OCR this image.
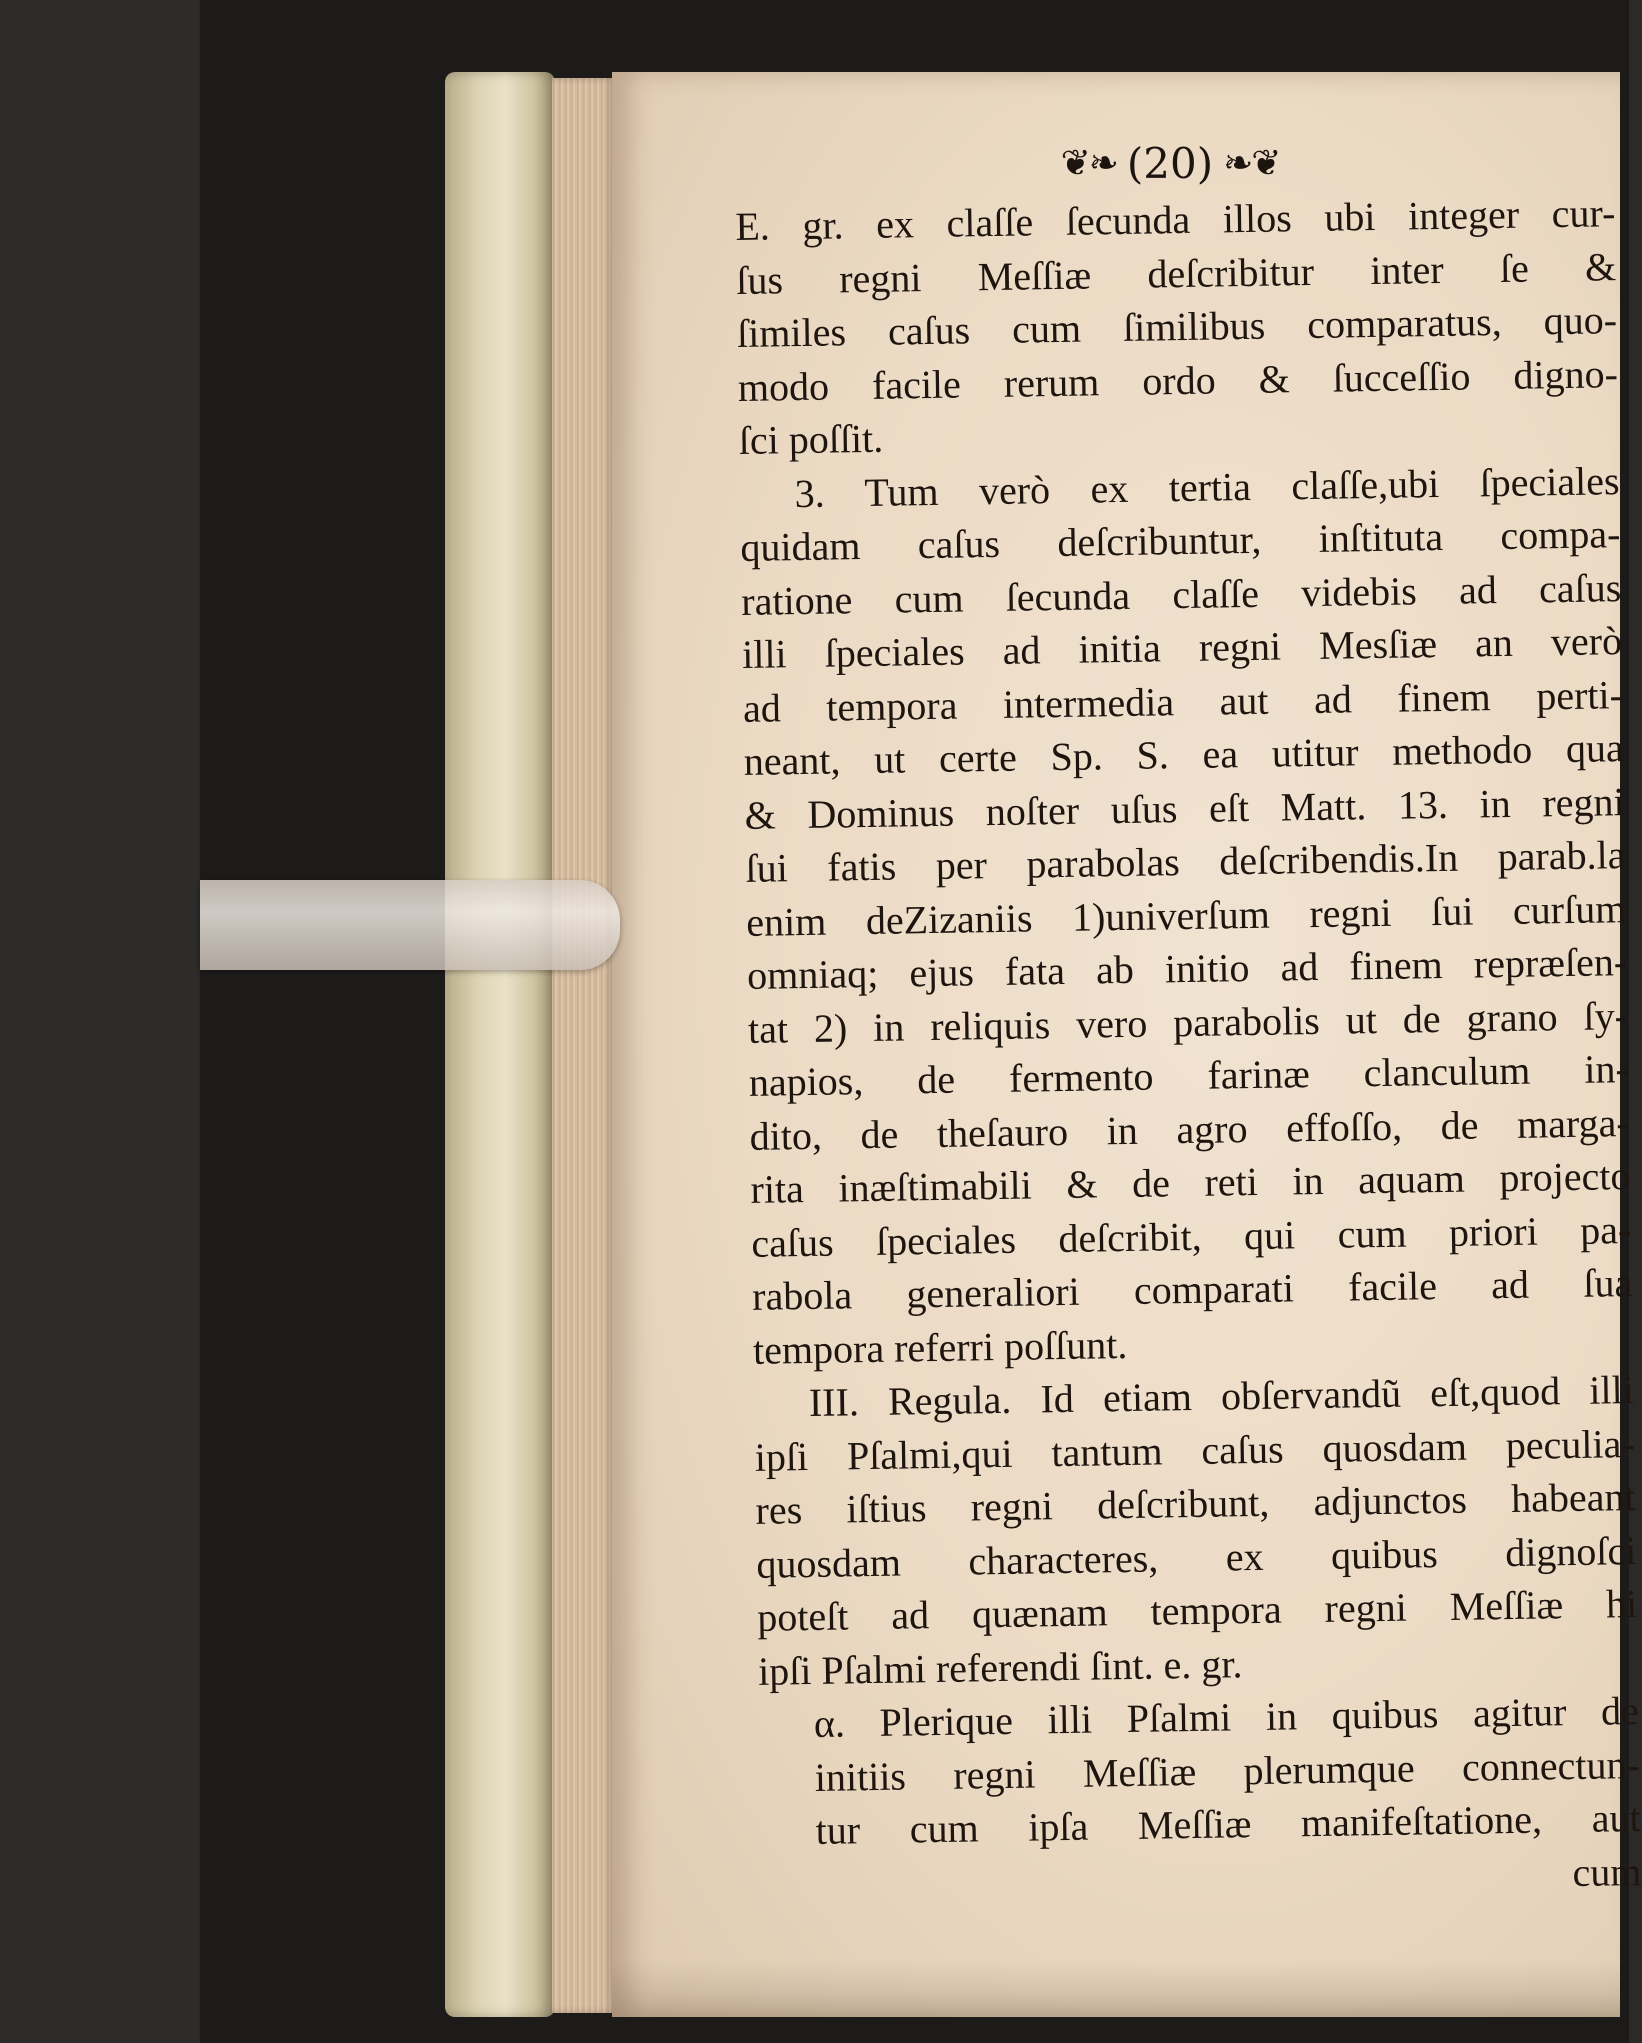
❦❧ (20) ❧❦
E. gr. ex claſſe ſecunda illos ubi integer cur-
ſus regni Meſſiæ deſcribitur inter ſe &
ſimiles caſus cum ſimilibus comparatus, quo-
modo facile rerum ordo & ſucceſſio digno-
ſci poſſit.
3. Tum verò ex tertia claſſe,ubi ſpeciales
quidam caſus deſcribuntur, inſtituta compa-
ratione cum ſecunda claſſe videbis ad caſus
illi ſpeciales ad initia regni Mesſiæ an verò
ad tempora intermedia aut ad finem perti-
neant, ut certe Sp. S. ea utitur methodo qua
& Dominus noſter uſus eſt Matt. 13. in regni
ſui fatis per parabolas deſcribendis.In parab.la
enim deZizaniis 1)univerſum regni ſui curſum
omniaq; ejus fata ab initio ad finem repræſen-
tat 2) in reliquis vero parabolis ut de grano ſy-
napios, de fermento farinæ clanculum in-
dito, de theſauro in agro effoſſo, de marga-
rita inæſtimabili & de reti in aquam projecto
caſus ſpeciales deſcribit, qui cum priori pa-
rabola generaliori comparati facile ad ſua
tempora referri poſſunt.
III. Regula. Id etiam obſervandũ eſt,quod illi
ipſi Pſalmi,qui tantum caſus quosdam peculia-
res iſtius regni deſcribunt, adjunctos habeant
quosdam characteres, ex quibus dignoſci
poteſt ad quænam tempora regni Meſſiæ hi
ipſi Pſalmi referendi ſint. e. gr.
α. Plerique illi Pſalmi in quibus agitur de
initiis regni Meſſiæ plerumque connectun-
tur cum ipſa Meſſiæ manifeſtatione, aut
cum
